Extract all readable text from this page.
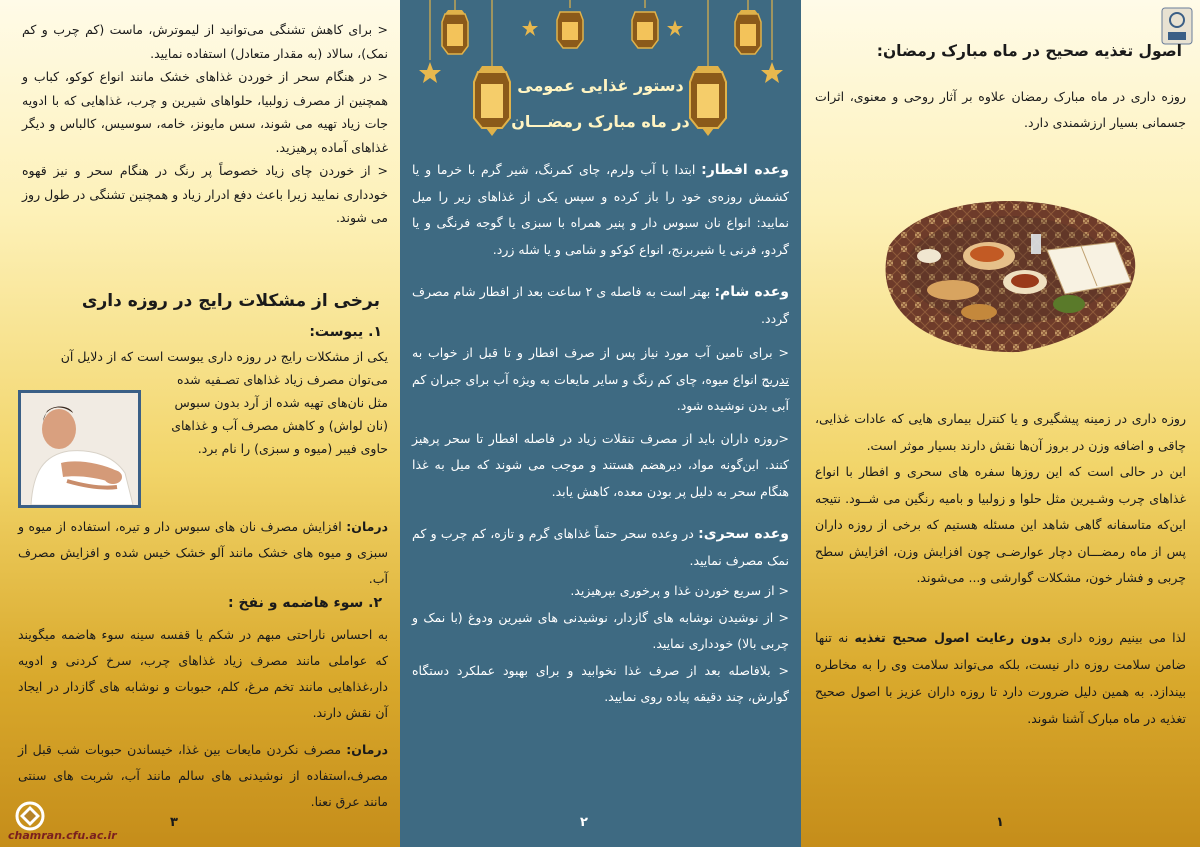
< برای کاهش تشنگی می‌توانید از لیموترش، ماست (کم چرب و کم نمک)، سالاد (به مقدار متعادل) استفاده نمایید.

< در هنگام سحر از خوردن غذاهای خشک مانند انواع کوکو، کباب و همچنین از مصرف زولبیا، حلواهای شیرین و چرب، غذاهایی که با ادویه جات زیاد تهیه می شوند، سس مایونز، خامه، سوسیس، کالباس و دیگر غذاهای آماده پرهیزید.

< از خوردن چای زیاد خصوصاً پر رنگ در هنگام سحر و نیز قهوه خودداری نمایید زیرا باعث دفع ادرار زیاد و همچنین تشنگی در طول روز می شوند.

برخی از مشکلات رایج در روزه داری
۱. یبوست:
یکی از مشکلات رایج در روزه داری یبوست است که از دلایل آن
می‌توان مصرف زیاد غذاهای تصـفیه شده
مثل نان‌های تهیه شده از آرد بدون سبوس
(نان لواش) و کاهش مصرف آب و غذاهای
حاوی فیبر (میوه و سبزی) را نام برد.

درمان: افزایش مصرف نان های سبوس دار و تیره، استفاده از میوه و سبزی و میوه های خشک مانند آلو خشک خیس شده و افزایش مصرف آب.

۲. سوء هاضمه و نفخ :

به احساس ناراحتی مبهم در شکم یا قفسه سینه سوء هاضمه میگویند که عواملی مانند مصرف زیاد غذاهای چرب، سرخ کردنی و ادویه دار،غذاهایی مانند تخم مرغ، کلم، حبوبات و نوشابه های گازدار در ایجاد آن نقش دارند.

درمان: مصرف نکردن مایعات بین غذا، خیساندن حبوبات شب قبل از مصرف،استفاده از نوشیدنی های سالم مانند آب، شربت های سنتی مانند عرق نعنا.

۳
chamran.cfu.ac.ir
دستور غذایی عمومی
در ماه مبارک رمضـــان

وعده افطار: ابتدا با آب ولرم، چای کمرنگ، شیر گرم با خرما و یا کشمش روزه‌ی خود را باز کرده و سپس یکی از غذاهای زیر را میل نمایید: انواع نان سبوس دار و پنیر همراه با سبزی یا گوجه فرنگی و یا گردو، فرنی یا شیربرنج، انواع کوکو و شامی و یا شله زرد.

وعده شام: بهتر است به فاصله ی ۲ ساعت بعد از افطار شام مصرف گردد.

< برای تامین آب مورد نیاز پس از صرف افطار و تا قبل از خواب به تدریج انواع میوه، چای کم رنگ و سایر مایعات به ویژه آب برای جبران کم آبی بدن نوشیده شود.

<روزه داران باید از مصرف تنقلات زیاد در فاصله افطار تا سحر پرهیز کنند. این‌گونه مواد، دیرهضم هستند و موجب می شوند که میل به غذا هنگام سحر به دلیل پر بودن معده، کاهش یابد.

وعده سحری: در وعده سحر حتماً غذاهای گرم و تازه، کم چرب و کم نمک مصرف نمایید.

< از سریع خوردن غذا و پرخوری بپرهیزید.

< از نوشیدن نوشابه های گازدار، نوشیدنی های شیرین ودوغ (با نمک و چربی بالا) خودداری نمایید.

< بلافاصله بعد از صرف غذا نخوابید و برای بهبود عملکرد دستگاه گوارش، چند دقیقه پیاده روی نمایید.

۲
اصول تغذیه صحیح در ماه مبارک رمضان:

روزه داری در ماه مبارک رمضان علاوه بر آثار روحی و معنوی، اثرات جسمانی بسیار ارزشمندی دارد.

روزه داری در زمینه پیشگیری و یا کنترل بیماری هایی که عادات غذایی، چاقی و اضافه وزن در بروز آن‌ها نقش دارند بسیار موثر است.

این در حالی است که این روزها سفره های سحری و افطار با انواع غذاهای چرب وشـیرین مثل حلوا و زولبیا و بامیه رنگین می شــود. نتیجه این‌که متاسفانه گاهی شاهد این مسئله هستیم که برخی از روزه داران پس از ماه رمضـــان دچار عوارضـی چون افزایش وزن، افزایش سطح چربی و فشار خون، مشکلات گوارشی و... می‌شوند.

لذا می بینیم روزه داری بدون رعایت اصول صحیح تغذیه نه تنها ضامن سلامت روزه دار نیست، بلکه می‌تواند سلامت وی را به مخاطره بیندازد. به همین دلیل ضرورت دارد تا روزه داران عزیز با اصول صحیح تغذیه در ماه مبارک آشنا شوند.

۱
